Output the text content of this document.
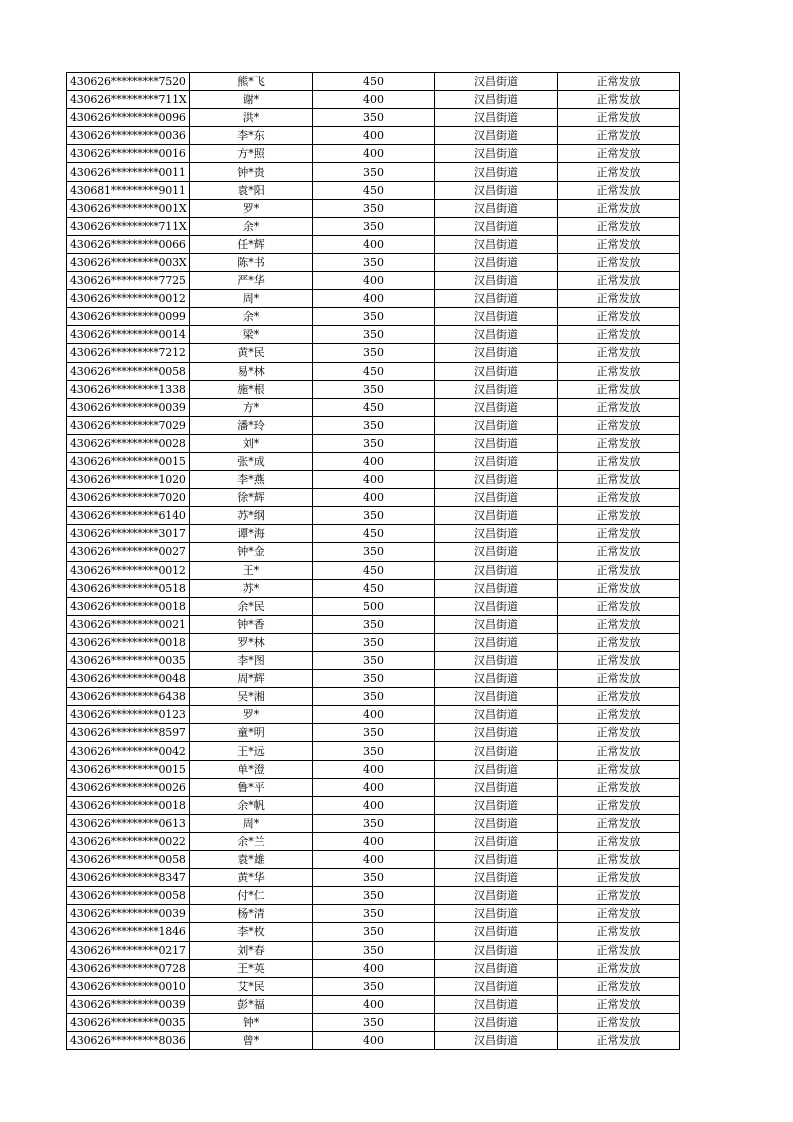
430626*********7520	熊*飞	450	汉昌街道	正常发放
430626*********711X	谢*	400	汉昌街道	正常发放
430626*********0096	洪*	350	汉昌街道	正常发放
430626*********0036	李*东	400	汉昌街道	正常发放
430626*********0016	方*照	400	汉昌街道	正常发放
430626*********0011	钟*贵	350	汉昌街道	正常发放
430681*********9011	袁*阳	450	汉昌街道	正常发放
430626*********001X	罗*	350	汉昌街道	正常发放
430626*********711X	余*	350	汉昌街道	正常发放
430626*********0066	任*辉	400	汉昌街道	正常发放
430626*********003X	陈*书	350	汉昌街道	正常发放
430626*********7725	严*华	400	汉昌街道	正常发放
430626*********0012	周*	400	汉昌街道	正常发放
430626*********0099	余*	350	汉昌街道	正常发放
430626*********0014	梁*	350	汉昌街道	正常发放
430626*********7212	黄*民	350	汉昌街道	正常发放
430626*********0058	易*林	450	汉昌街道	正常发放
430626*********1338	施*根	350	汉昌街道	正常发放
430626*********0039	方*	450	汉昌街道	正常发放
430626*********7029	潘*玲	350	汉昌街道	正常发放
430626*********0028	刘*	350	汉昌街道	正常发放
430626*********0015	张*成	400	汉昌街道	正常发放
430626*********1020	李*燕	400	汉昌街道	正常发放
430626*********7020	徐*辉	400	汉昌街道	正常发放
430626*********6140	苏*纲	350	汉昌街道	正常发放
430626*********3017	谭*海	450	汉昌街道	正常发放
430626*********0027	钟*金	350	汉昌街道	正常发放
430626*********0012	王*	450	汉昌街道	正常发放
430626*********0518	苏*	450	汉昌街道	正常发放
430626*********0018	余*民	500	汉昌街道	正常发放
430626*********0021	钟*香	350	汉昌街道	正常发放
430626*********0018	罗*林	350	汉昌街道	正常发放
430626*********0035	李*图	350	汉昌街道	正常发放
430626*********0048	周*辉	350	汉昌街道	正常发放
430626*********6438	吴*湘	350	汉昌街道	正常发放
430626*********0123	罗*	400	汉昌街道	正常发放
430626*********8597	童*明	350	汉昌街道	正常发放
430626*********0042	王*远	350	汉昌街道	正常发放
430626*********0015	单*澄	400	汉昌街道	正常发放
430626*********0026	鲁*平	400	汉昌街道	正常发放
430626*********0018	余*帆	400	汉昌街道	正常发放
430626*********0613	周*	350	汉昌街道	正常发放
430626*********0022	余*兰	400	汉昌街道	正常发放
430626*********0058	袁*雄	400	汉昌街道	正常发放
430626*********8347	黄*华	350	汉昌街道	正常发放
430626*********0058	付*仁	350	汉昌街道	正常发放
430626*********0039	杨*清	350	汉昌街道	正常发放
430626*********1846	李*枚	350	汉昌街道	正常发放
430626*********0217	刘*春	350	汉昌街道	正常发放
430626*********0728	王*英	400	汉昌街道	正常发放
430626*********0010	艾*民	350	汉昌街道	正常发放
430626*********0039	彭*福	400	汉昌街道	正常发放
430626*********0035	钟*	350	汉昌街道	正常发放
430626*********8036	曾*	400	汉昌街道	正常发放
